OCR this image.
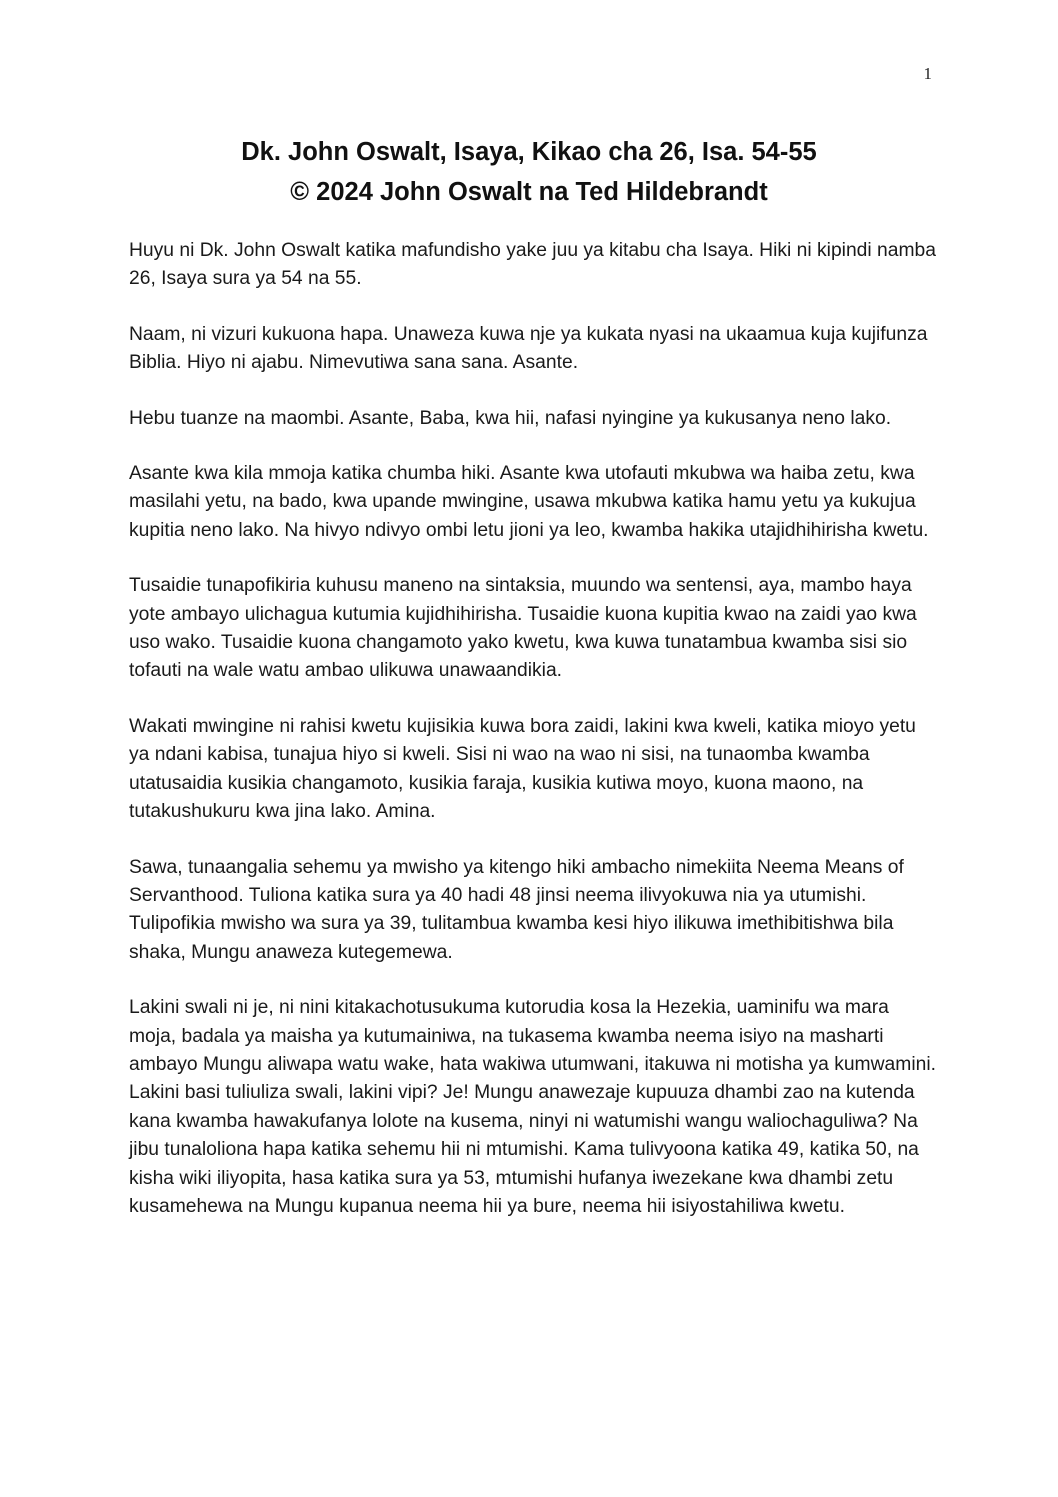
1
Dk. John Oswalt, Isaya, Kikao cha 26, Isa. 54-55
© 2024 John Oswalt na Ted Hildebrandt

Huyu ni Dk. John Oswalt katika mafundisho yake juu ya kitabu cha Isaya. Hiki ni kipindi namba 26, Isaya sura ya 54 na 55.

Naam, ni vizuri kukuona hapa. Unaweza kuwa nje ya kukata nyasi na ukaamua kuja kujifunza Biblia. Hiyo ni ajabu. Nimevutiwa sana sana. Asante.

Hebu tuanze na maombi. Asante, Baba, kwa hii, nafasi nyingine ya kukusanya neno lako.

Asante kwa kila mmoja katika chumba hiki. Asante kwa utofauti mkubwa wa haiba zetu, kwa masilahi yetu, na bado, kwa upande mwingine, usawa mkubwa katika hamu yetu ya kukujua kupitia neno lako. Na hivyo ndivyo ombi letu jioni ya leo, kwamba hakika utajidhihirisha kwetu.

Tusaidie tunapofikiria kuhusu maneno na sintaksia, muundo wa sentensi, aya, mambo haya yote ambayo ulichagua kutumia kujidhihirisha. Tusaidie kuona kupitia kwao na zaidi yao kwa uso wako. Tusaidie kuona changamoto yako kwetu, kwa kuwa tunatambua kwamba sisi sio tofauti na wale watu ambao ulikuwa unawaandikia.

Wakati mwingine ni rahisi kwetu kujisikia kuwa bora zaidi, lakini kwa kweli, katika mioyo yetu ya ndani kabisa, tunajua hiyo si kweli. Sisi ni wao na wao ni sisi, na tunaomba kwamba utatusaidia kusikia changamoto, kusikia faraja, kusikia kutiwa moyo, kuona maono, na tutakushukuru kwa jina lako. Amina.

Sawa, tunaangalia sehemu ya mwisho ya kitengo hiki ambacho nimekiita Neema Means of Servanthood. Tuliona katika sura ya 40 hadi 48 jinsi neema ilivyokuwa nia ya utumishi. Tulipofikia mwisho wa sura ya 39, tulitambua kwamba kesi hiyo ilikuwa imethibitishwa bila shaka, Mungu anaweza kutegemewa.

Lakini swali ni je, ni nini kitakachotusukuma kutorudia kosa la Hezekia, uaminifu wa mara moja, badala ya maisha ya kutumainiwa, na tukasema kwamba neema isiyo na masharti ambayo Mungu aliwapa watu wake, hata wakiwa utumwani, itakuwa ni motisha ya kumwamini. Lakini basi tuliuliza swali, lakini vipi? Je! Mungu anawezaje kupuuza dhambi zao na kutenda kana kwamba hawakufanya lolote na kusema, ninyi ni watumishi wangu waliochaguliwa? Na jibu tunaloliona hapa katika sehemu hii ni mtumishi. Kama tulivyoona katika 49, katika 50, na kisha wiki iliyopita, hasa katika sura ya 53, mtumishi hufanya iwezekane kwa dhambi zetu kusamehewa na Mungu kupanua neema hii ya bure, neema hii isiyostahiliwa kwetu.
